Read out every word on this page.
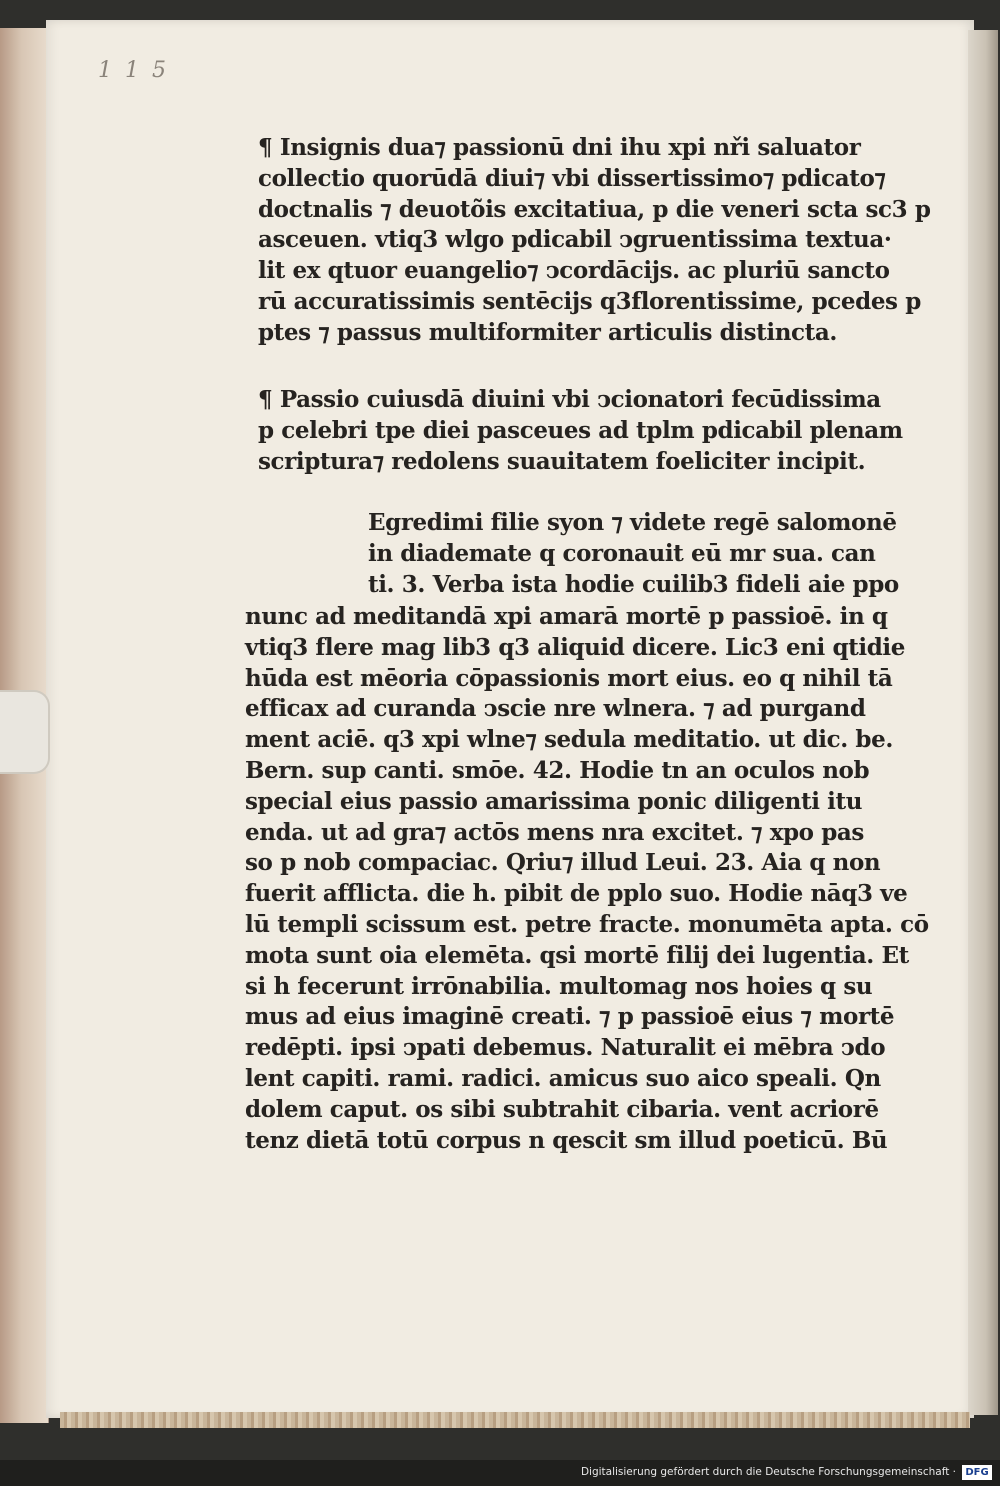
1 1 5
¶ Insignis dua⁊ passionū dni ihu xpi nři saluator
collectio quorūdā diui⁊ vbi dissertissimo⁊ pdicato⁊
doctnalis ⁊ deuotõis excitatiua, p die veneri scta sc3 p
asceuen. vtiq3 wlgo pdicabil ↄgruentissima textua·
lit ex qtuor euangelio⁊ ↄcordācijs. ac pluriū sancto
rū accuratissimis sentēcijs q3florentissime, pcedes p
ptes ⁊ passus multiformiter articulis distincta.
¶ Passio cuiusdā diuini vbi ↄcionatori fecūdissima
p celebri tpe diei pasceues ad tplm pdicabil plenam
scriptura⁊ redolens suauitatem foeliciter incipit.
Egredimi filie syon ⁊ videte regē salomonē
in diademate q coronauit eū mr sua. can
ti. 3. Verba ista hodie cuilib3 fideli aie ppo
nunc ad meditandā xpi amarā mortē p passioē. in q
vtiq3 flere mag lib3 q3 aliquid dicere. Lic3 eni qtidie
hūda est mēoria cōpassionis mort eius. eo q nihil tā
efficax ad curanda ↄscie nre wlnera. ⁊ ad purgand
ment aciē. q3 xpi wlne⁊ sedula meditatio. ut dic. be.
Bern. sup canti. smōe. 42. Hodie tn an oculos nob
special eius passio amarissima ponic diligenti itu
enda. ut ad gra⁊ actōs mens nra excitet. ⁊ xpo pas
so p nob compaciac. Qriu⁊ illud Leui. 23. Aia q non
fuerit afflicta. die h. pibit de pplo suo. Hodie nāq3 ve
lū templi scissum est. petre fracte. monumēta apta. cō
mota sunt oia elemēta. qsi mortē filij dei lugentia. Et
si h fecerunt irrōnabilia. multomag nos hoies q su
mus ad eius imaginē creati. ⁊ p passioē eius ⁊ mortē
redēpti. ipsi ↄpati debemus. Naturalit ei mēbra ↄdo
lent capiti. rami. radici. amicus suo aico speali. Qn
dolem caput. os sibi subtrahit cibaria. vent acriorē
tenz dietā totū corpus n qescit sm illud poeticū. Bū
Digitalisierung gefördert durch die Deutsche Forschungsgemeinschaft · DFG
